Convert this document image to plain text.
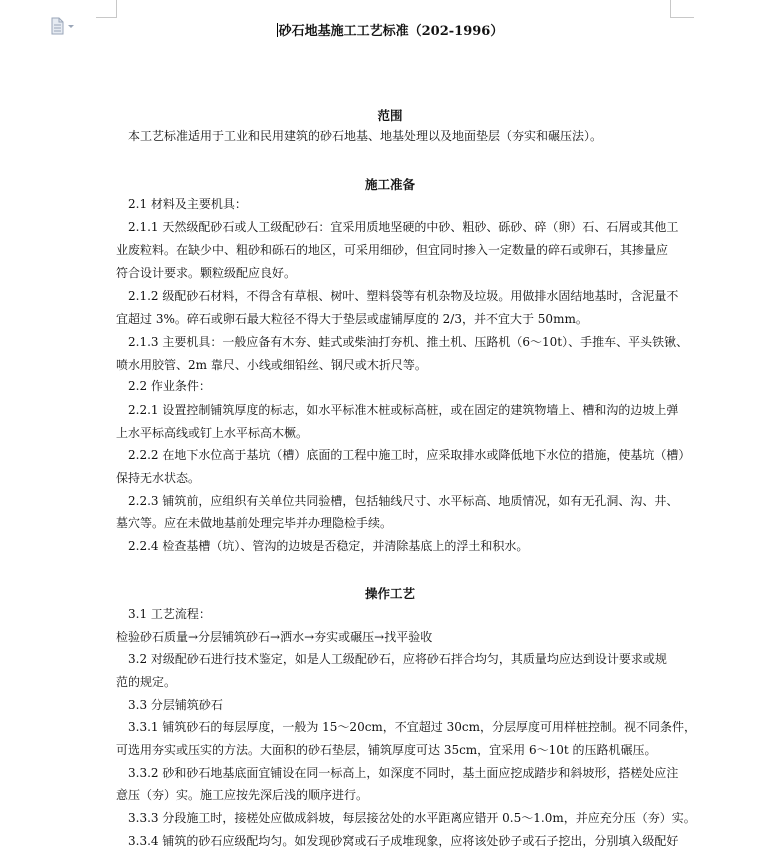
砂石地基施工工艺标准（202-1996）
范围
施工准备
操作工艺
本工艺标准适用于工业和民用建筑的砂石地基、地基处理以及地面垫层（夯实和碾压法）。
2.1 材料及主要机具：
2.1.1 天然级配砂石或人工级配砂石：宜采用质地坚硬的中砂、粗砂、砾砂、碎（卵）石、石屑或其他工
业废粒料。在缺少中、粗砂和砾石的地区，可采用细砂，但宜同时掺入一定数量的碎石或卵石，其掺量应
符合设计要求。颗粒级配应良好。
2.1.2 级配砂石材料，不得含有草根、树叶、塑料袋等有机杂物及垃圾。用做排水固结地基时，含泥量不
宜超过 3%。碎石或卵石最大粒径不得大于垫层或虚铺厚度的 2/3，并不宜大于 50mm。
2.1.3 主要机具：一般应备有木夯、蛙式或柴油打夯机、推土机、压路机（6～10t）、手推车、平头铁锹、
喷水用胶管、2m 靠尺、小线或细铅丝、钢尺或木折尺等。
2.2 作业条件：
2.2.1 设置控制铺筑厚度的标志，如水平标准木桩或标高桩，或在固定的建筑物墙上、槽和沟的边坡上弹
上水平标高线或钉上水平标高木橛。
2.2.2 在地下水位高于基坑（槽）底面的工程中施工时，应采取排水或降低地下水位的措施，使基坑（槽）
保持无水状态。
2.2.3 铺筑前，应组织有关单位共同验槽，包括轴线尺寸、水平标高、地质情况，如有无孔洞、沟、井、
墓穴等。应在未做地基前处理完毕并办理隐检手续。
2.2.4 检查基槽（坑）、管沟的边坡是否稳定，并清除基底上的浮土和积水。
3.1 工艺流程：
检验砂石质量→分层铺筑砂石→洒水→夯实或碾压→找平验收
3.2 对级配砂石进行技术鉴定，如是人工级配砂石，应将砂石拌合均匀，其质量均应达到设计要求或规
范的规定。
3.3 分层铺筑砂石
3.3.1 铺筑砂石的每层厚度，一般为 15～20cm，不宜超过 30cm，分层厚度可用样桩控制。视不同条件，
可选用夯实或压实的方法。大面积的砂石垫层，铺筑厚度可达 35cm，宜采用 6～10t 的压路机碾压。
3.3.2 砂和砂石地基底面宜铺设在同一标高上，如深度不同时，基土面应挖成踏步和斜坡形，搭槎处应注
意压（夯）实。施工应按先深后浅的顺序进行。
3.3.3 分段施工时，接槎处应做成斜坡，每层接岔处的水平距离应错开 0.5～1.0m，并应充分压（夯）实。
3.3.4 铺筑的砂石应级配均匀。如发现砂窝或石子成堆现象，应将该处砂子或石子挖出，分别填入级配好
